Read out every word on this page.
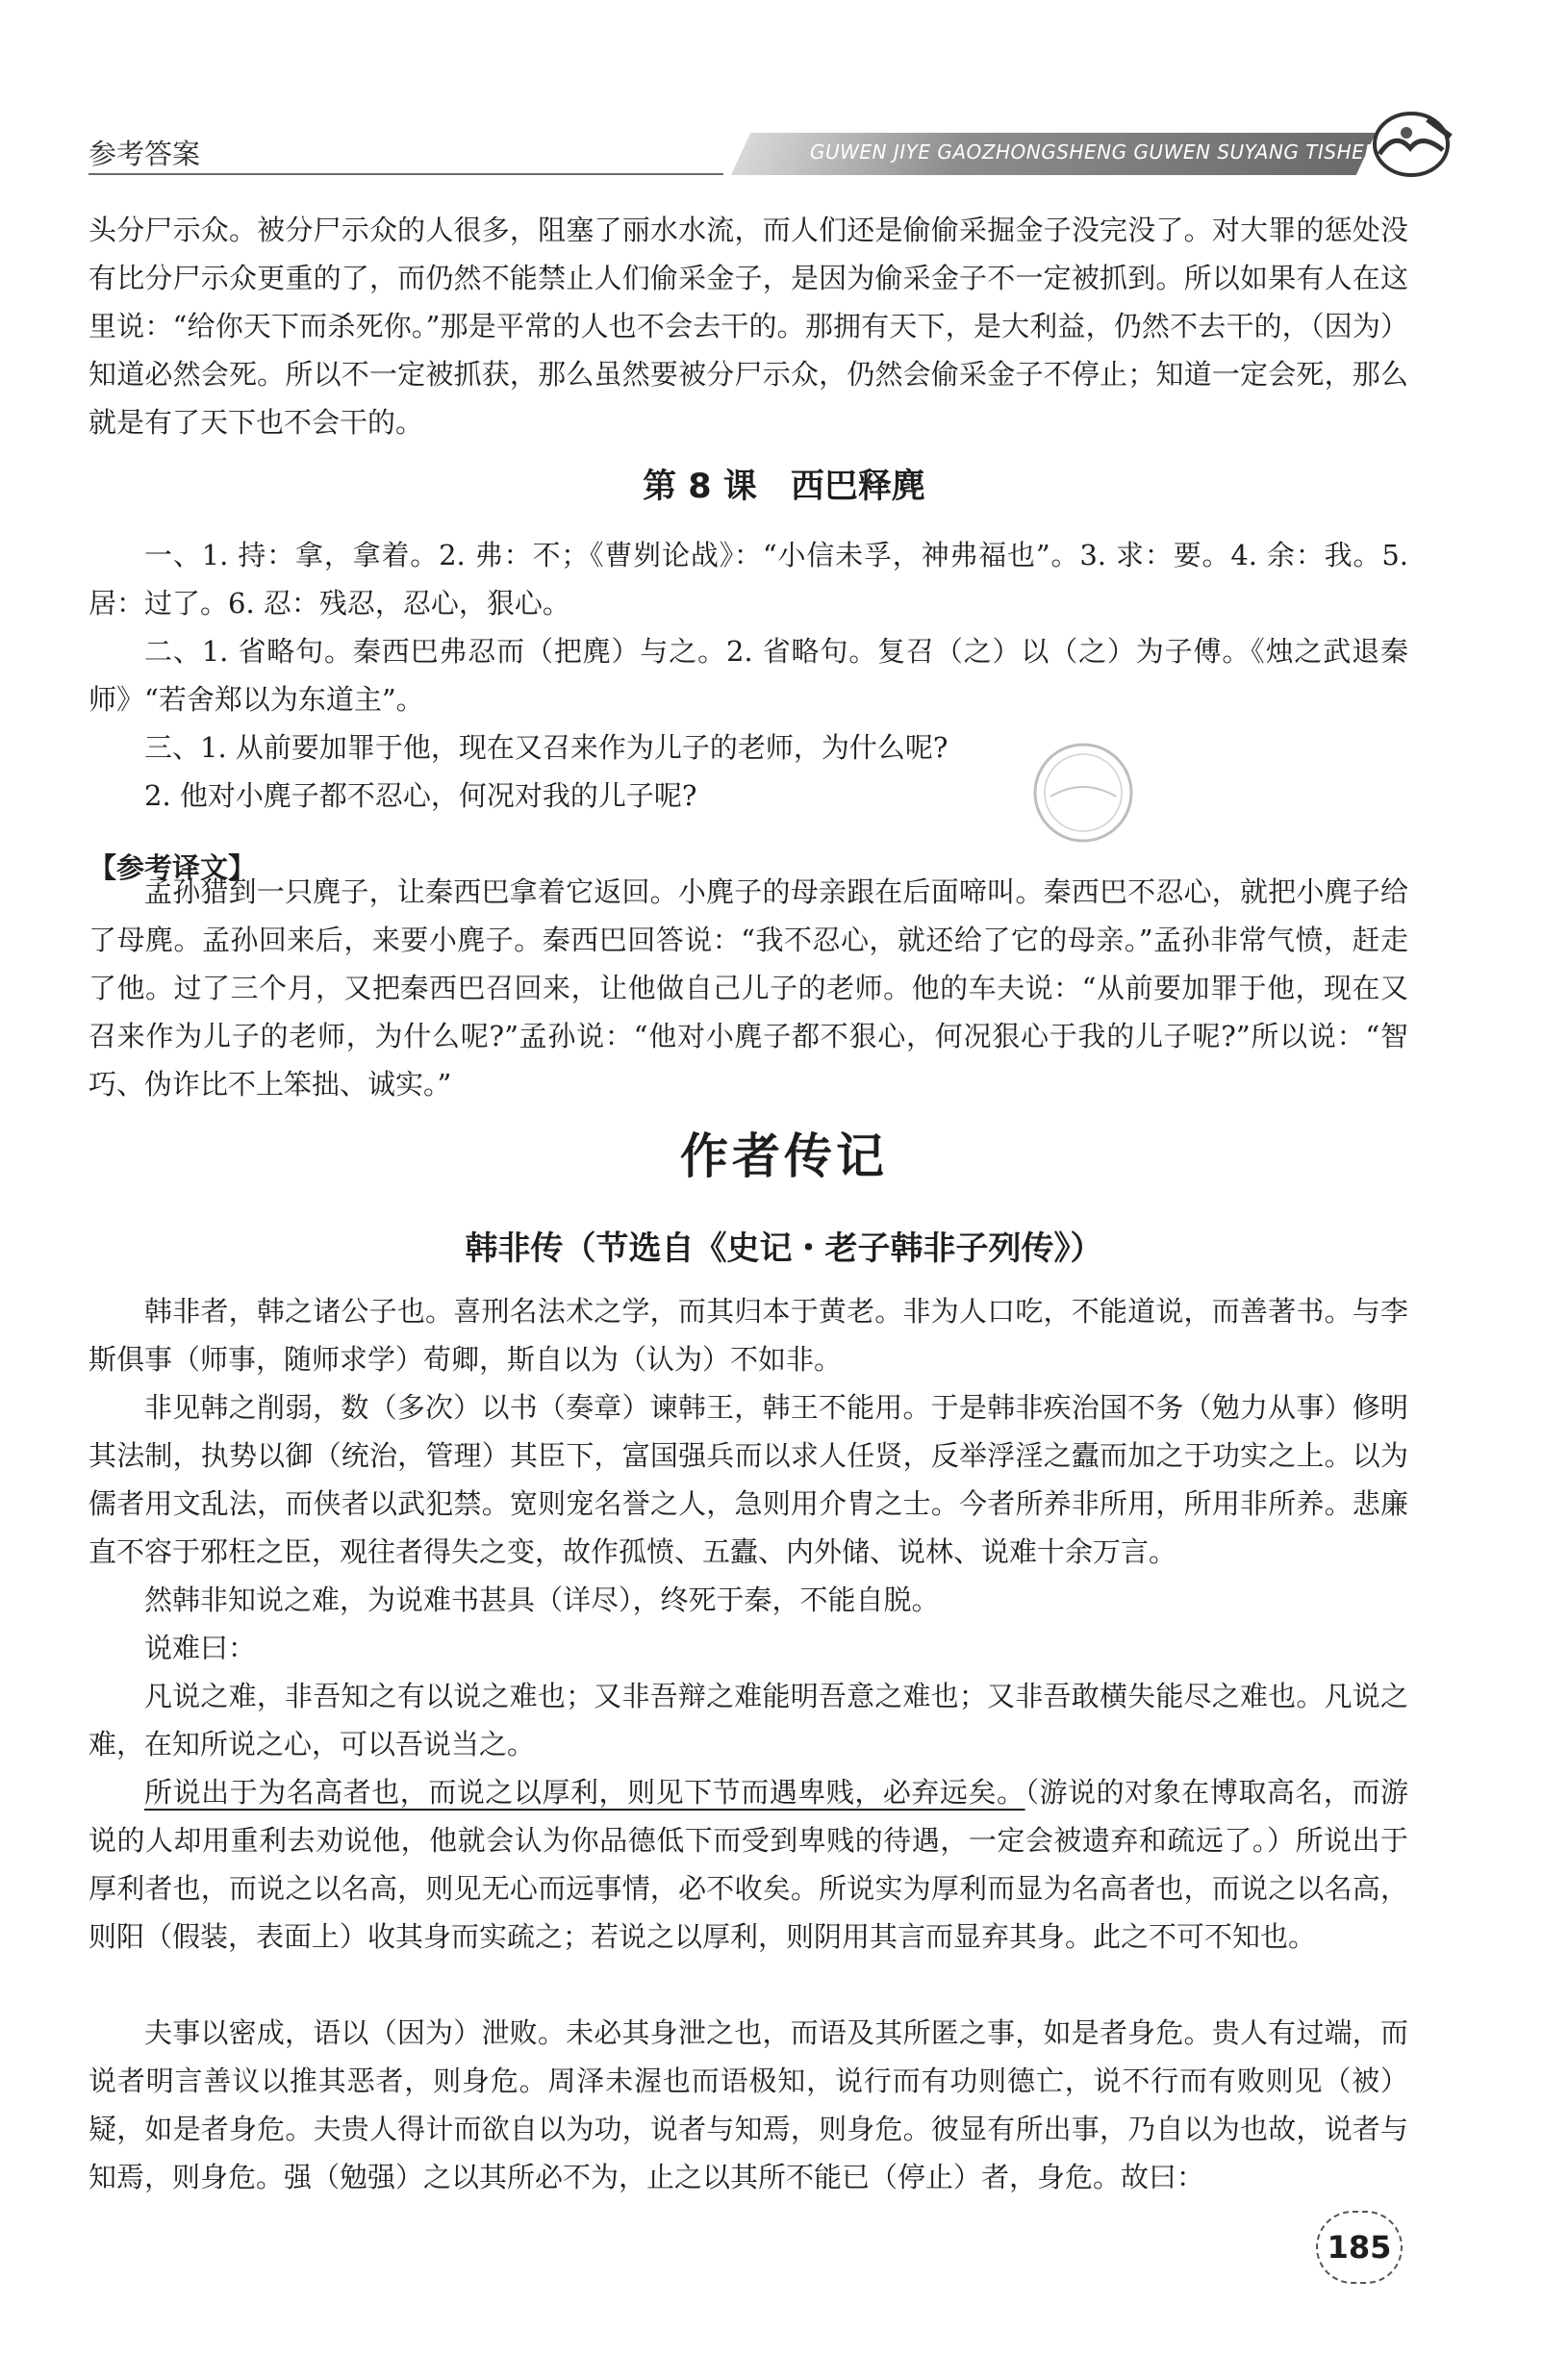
参考答案	GUWEN JIYE GAOZHONGSHENG GUWEN SUYANG TISHENG

头分尸示众。被分尸示众的人很多，阻塞了丽水水流，而人们还是偷偷采掘金子没完没了。对大罪的惩处没有比分尸示众更重的了，而仍然不能禁止人们偷采金子，是因为偷采金子不一定被抓到。所以如果有人在这里说：“给你天下而杀死你。”那是平常的人也不会去干的。那拥有天下，是大利益，仍然不去干的，（因为）知道必然会死。所以不一定被抓获，那么虽然要被分尸示众，仍然会偷采金子不停止；知道一定会死，那么就是有了天下也不会干的。

第 8 课　西巴释麂

一、1. 持：拿，拿着。2. 弗：不；《曹刿论战》：“小信未孚，神弗福也”。3. 求：要。4. 余：我。5. 居：过了。6. 忍：残忍，忍心，狠心。

二、1. 省略句。秦西巴弗忍而（把麂）与之。2. 省略句。复召（之）以（之）为子傅。《烛之武退秦师》“若舍郑以为东道主”。

三、1. 从前要加罪于他，现在又召来作为儿子的老师，为什么呢?

2. 他对小麂子都不忍心，何况对我的儿子呢?

【参考译文】

孟孙猎到一只麂子，让秦西巴拿着它返回。小麂子的母亲跟在后面啼叫。秦西巴不忍心，就把小麂子给了母麂。孟孙回来后，来要小麂子。秦西巴回答说：“我不忍心，就还给了它的母亲。”孟孙非常气愤，赶走了他。过了三个月，又把秦西巴召回来，让他做自己儿子的老师。他的车夫说：“从前要加罪于他，现在又召来作为儿子的老师，为什么呢?”孟孙说：“他对小麂子都不狠心，何况狠心于我的儿子呢?”所以说：“智巧、伪诈比不上笨拙、诚实。”

作者传记
韩非传（节选自《史记・老子韩非子列传》）

韩非者，韩之诸公子也。喜刑名法术之学，而其归本于黄老。非为人口吃，不能道说，而善著书。与李斯俱事（师事，随师求学）荀卿，斯自以为（认为）不如非。

非见韩之削弱，数（多次）以书（奏章）谏韩王，韩王不能用。于是韩非疾治国不务（勉力从事）修明其法制，执势以御（统治，管理）其臣下，富国强兵而以求人任贤，反举浮淫之蠹而加之于功实之上。以为儒者用文乱法，而侠者以武犯禁。宽则宠名誉之人，急则用介胄之士。今者所养非所用，所用非所养。悲廉直不容于邪枉之臣，观往者得失之变，故作孤愤、五蠹、内外储、说林、说难十余万言。

然韩非知说之难，为说难书甚具（详尽），终死于秦，不能自脱。

说难曰：

凡说之难，非吾知之有以说之难也；又非吾辩之难能明吾意之难也；又非吾敢横失能尽之难也。凡说之难，在知所说之心，可以吾说当之。

所说出于为名高者也，而说之以厚利，则见下节而遇卑贱，必弃远矣。（游说的对象在博取高名，而游说的人却用重利去劝说他，他就会认为你品德低下而受到卑贱的待遇，一定会被遗弃和疏远了。）所说出于厚利者也，而说之以名高，则见无心而远事情，必不收矣。所说实为厚利而显为名高者也，而说之以名高，则阳（假装，表面上）收其身而实疏之；若说之以厚利，则阴用其言而显弃其身。此之不可不知也。

夫事以密成，语以（因为）泄败。未必其身泄之也，而语及其所匿之事，如是者身危。贵人有过端，而说者明言善议以推其恶者，则身危。周泽未渥也而语极知，说行而有功则德亡，说不行而有败则见（被）疑，如是者身危。夫贵人得计而欲自以为功，说者与知焉，则身危。彼显有所出事，乃自以为也故，说者与知焉，则身危。强（勉强）之以其所必不为，止之以其所不能已（停止）者，身危。故曰：

185
